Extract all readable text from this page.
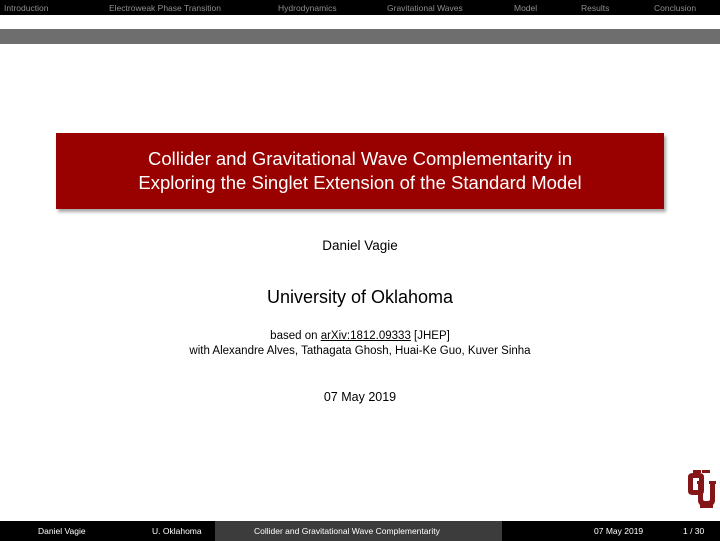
Introduction	Electroweak Phase Transition	Hydrodynamics	Gravitational Waves	Model	Results	Conclusion
Collider and Gravitational Wave Complementarity in
Exploring the Singlet Extension of the Standard Model
Daniel Vagie
University of Oklahoma
based on arXiv:1812.09333 [JHEP]
with Alexandre Alves, Tathagata Ghosh, Huai-Ke Guo, Kuver Sinha
07 May 2019
Daniel Vagie	U. Oklahoma	Collider and Gravitational Wave Complementarity	07 May 2019	1 / 30
